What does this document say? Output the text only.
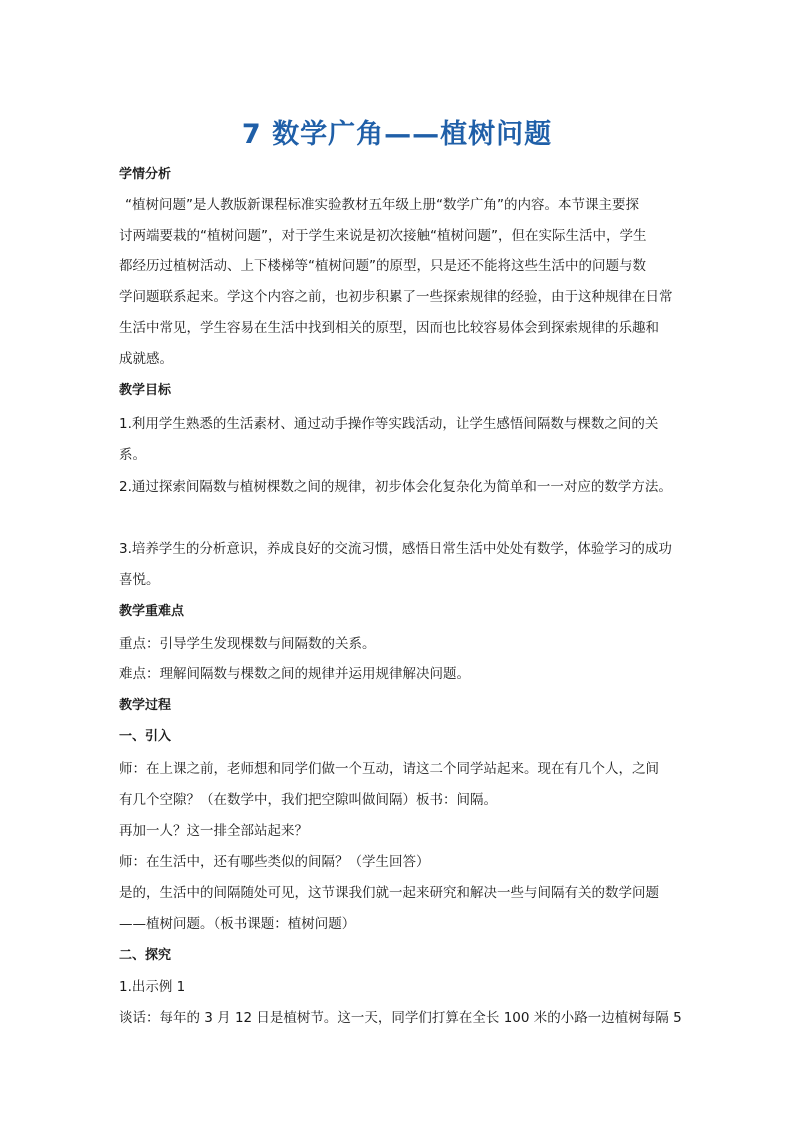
7 数学广角——植树问题
学情分析
“植树问题”是人教版新课程标准实验教材五年级上册“数学广角”的内容。本节课主要探
讨两端要栽的“植树问题”，对于学生来说是初次接触“植树问题”，但在实际生活中，学生
都经历过植树活动、上下楼梯等“植树问题”的原型，只是还不能将这些生活中的问题与数
学问题联系起来。学这个内容之前，也初步积累了一些探索规律的经验，由于这种规律在日常
生活中常见，学生容易在生活中找到相关的原型，因而也比较容易体会到探索规律的乐趣和
成就感。
教学目标
1.利用学生熟悉的生活素材、通过动手操作等实践活动，让学生感悟间隔数与棵数之间的关
系。
2.通过探索间隔数与植树棵数之间的规律，初步体会化复杂化为简单和一一对应的数学方法。
3.培养学生的分析意识，养成良好的交流习惯，感悟日常生活中处处有数学，体验学习的成功
喜悦。
教学重难点
重点：引导学生发现棵数与间隔数的关系。
难点：理解间隔数与棵数之间的规律并运用规律解决问题。
教学过程
一、引入
师：在上课之前，老师想和同学们做一个互动，请这二个同学站起来。现在有几个人，之间
有几个空隙？（在数学中，我们把空隙叫做间隔）板书：间隔。
再加一人？这一排全部站起来？
师：在生活中，还有哪些类似的间隔？（学生回答）
是的，生活中的间隔随处可见，这节课我们就一起来研究和解决一些与间隔有关的数学问题
——植树问题。（板书课题：植树问题）
二、探究
1.出示例 1
谈话：每年的 3 月 12 日是植树节。这一天，同学们打算在全长 100 米的小路一边植树每隔 5
